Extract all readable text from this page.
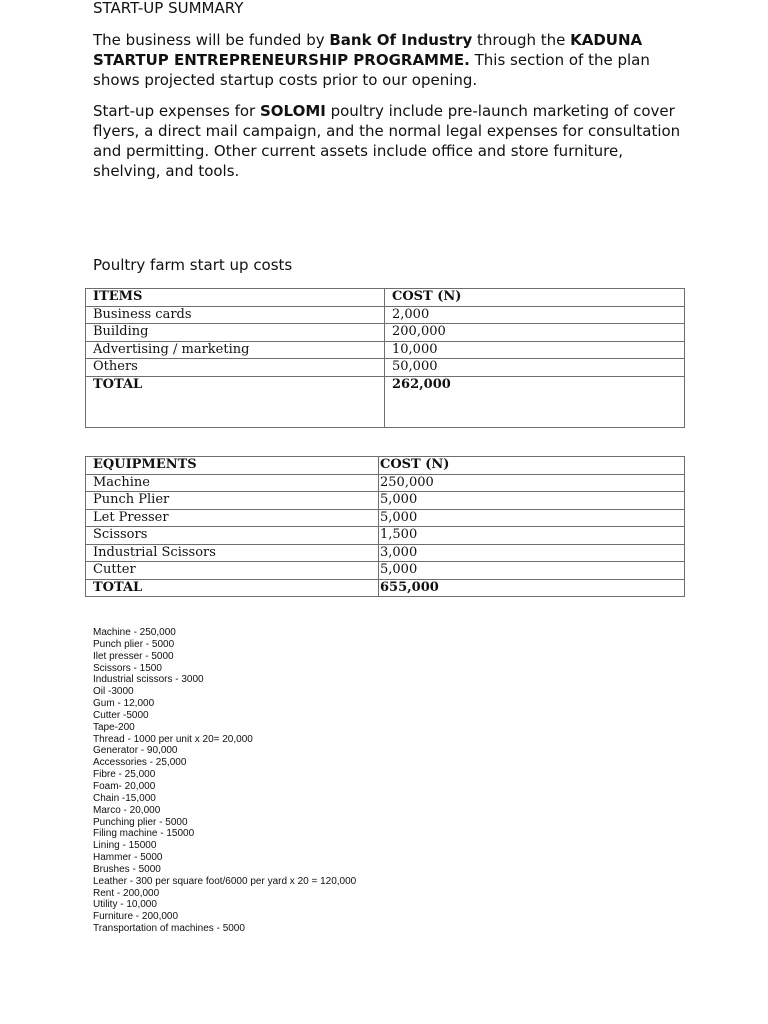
START-UP SUMMARY

The business will be funded by Bank Of Industry through the KADUNA STARTUP ENTREPRENEURSHIP PROGRAMME. This section of the plan shows projected startup costs prior to our opening.

Start-up expenses for SOLOMI poultry include pre-launch marketing of cover flyers, a direct mail campaign, and the normal legal expenses for consultation and permitting. Other current assets include office and store furniture, shelving, and tools.

Poultry farm start up costs
ITEMS	COST (N)
Business cards	2,000
Building	200,000
Advertising / marketing	10,000
Others	50,000
TOTAL	262,000
EQUIPMENTS	COST (N)
Machine	250,000
Punch Plier	5,000
Let Presser	5,000
Scissors	1,500
Industrial Scissors	3,000
Cutter	5,000
TOTAL	655,000
Machine - 250,000
Punch plier - 5000
Ilet presser - 5000
Scissors - 1500
Industrial scissors - 3000
Oil -3000
Gum - 12,000
Cutter -5000
Tape-200
Thread - 1000 per unit x 20= 20,000
Generator - 90,000
Accessories - 25,000
Fibre - 25,000
Foam- 20,000
Chain -15,000
Marco - 20,000
Punching plier - 5000
Filing machine - 15000
Lining - 15000
Hammer - 5000
Brushes - 5000
Leather - 300 per square foot/6000 per yard x 20 = 120,000
Rent - 200,000
Utility - 10,000
Furniture - 200,000
Transportation of machines - 5000
